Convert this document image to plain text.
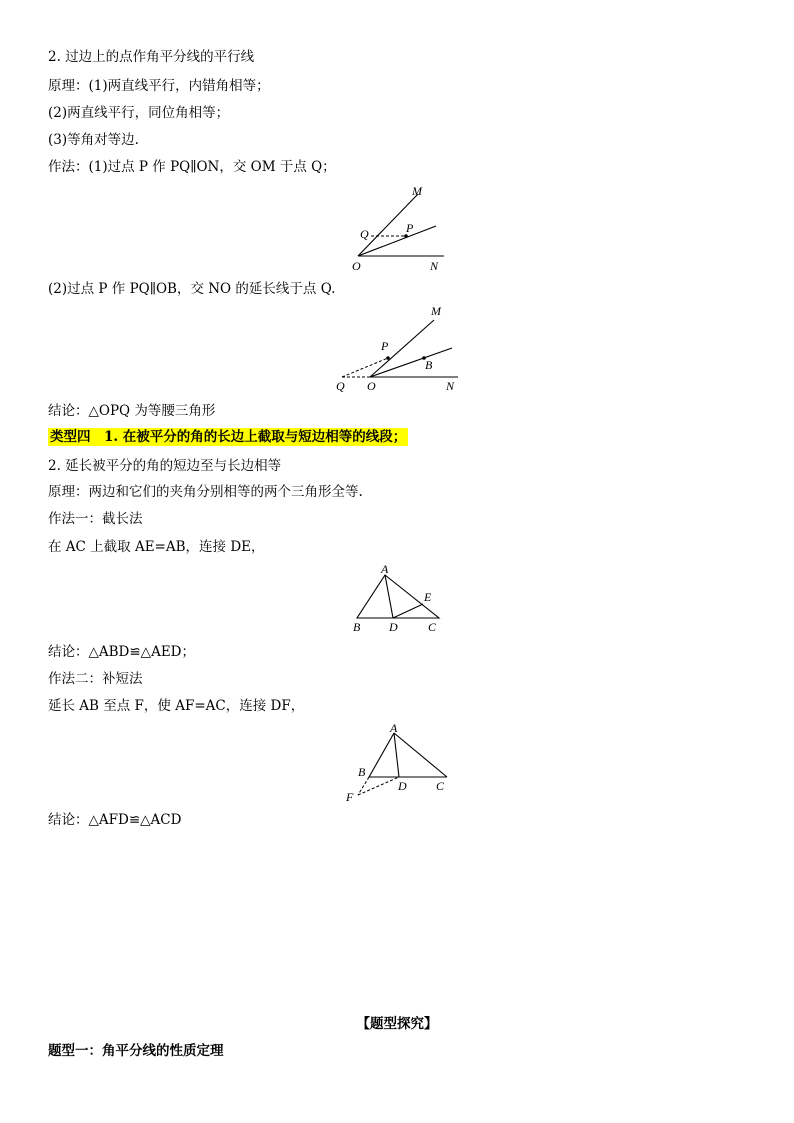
2. 过边上的点作角平分线的平行线
原理：(1)两直线平行，内错角相等；
(2)两直线平行，同位角相等；
(3)等角对等边.
作法：(1)过点 P 作 PQ∥ON，交 OM 于点 Q；
M
Q	P
O	N
(2)过点 P 作 PQ∥OB，交 NO 的延长线于点 Q.
M
P
B
Q O	N
结论：△OPQ 为等腰三角形
类型四　1. 在被平分的角的长边上截取与短边相等的线段；
2. 延长被平分的角的短边至与长边相等
原理：两边和它们的夹角分别相等的两个三角形全等.
作法一：截长法
在 AC 上截取 AE=AB，连接 DE，
A
E
B D	C
结论：△ABD≌△AED；
作法二：补短法
延长 AB 至点 F，使 AF=AC，连接 DF，
A
B
D C
F
结论：△AFD≌△ACD
【题型探究】
题型一：角平分线的性质定理
